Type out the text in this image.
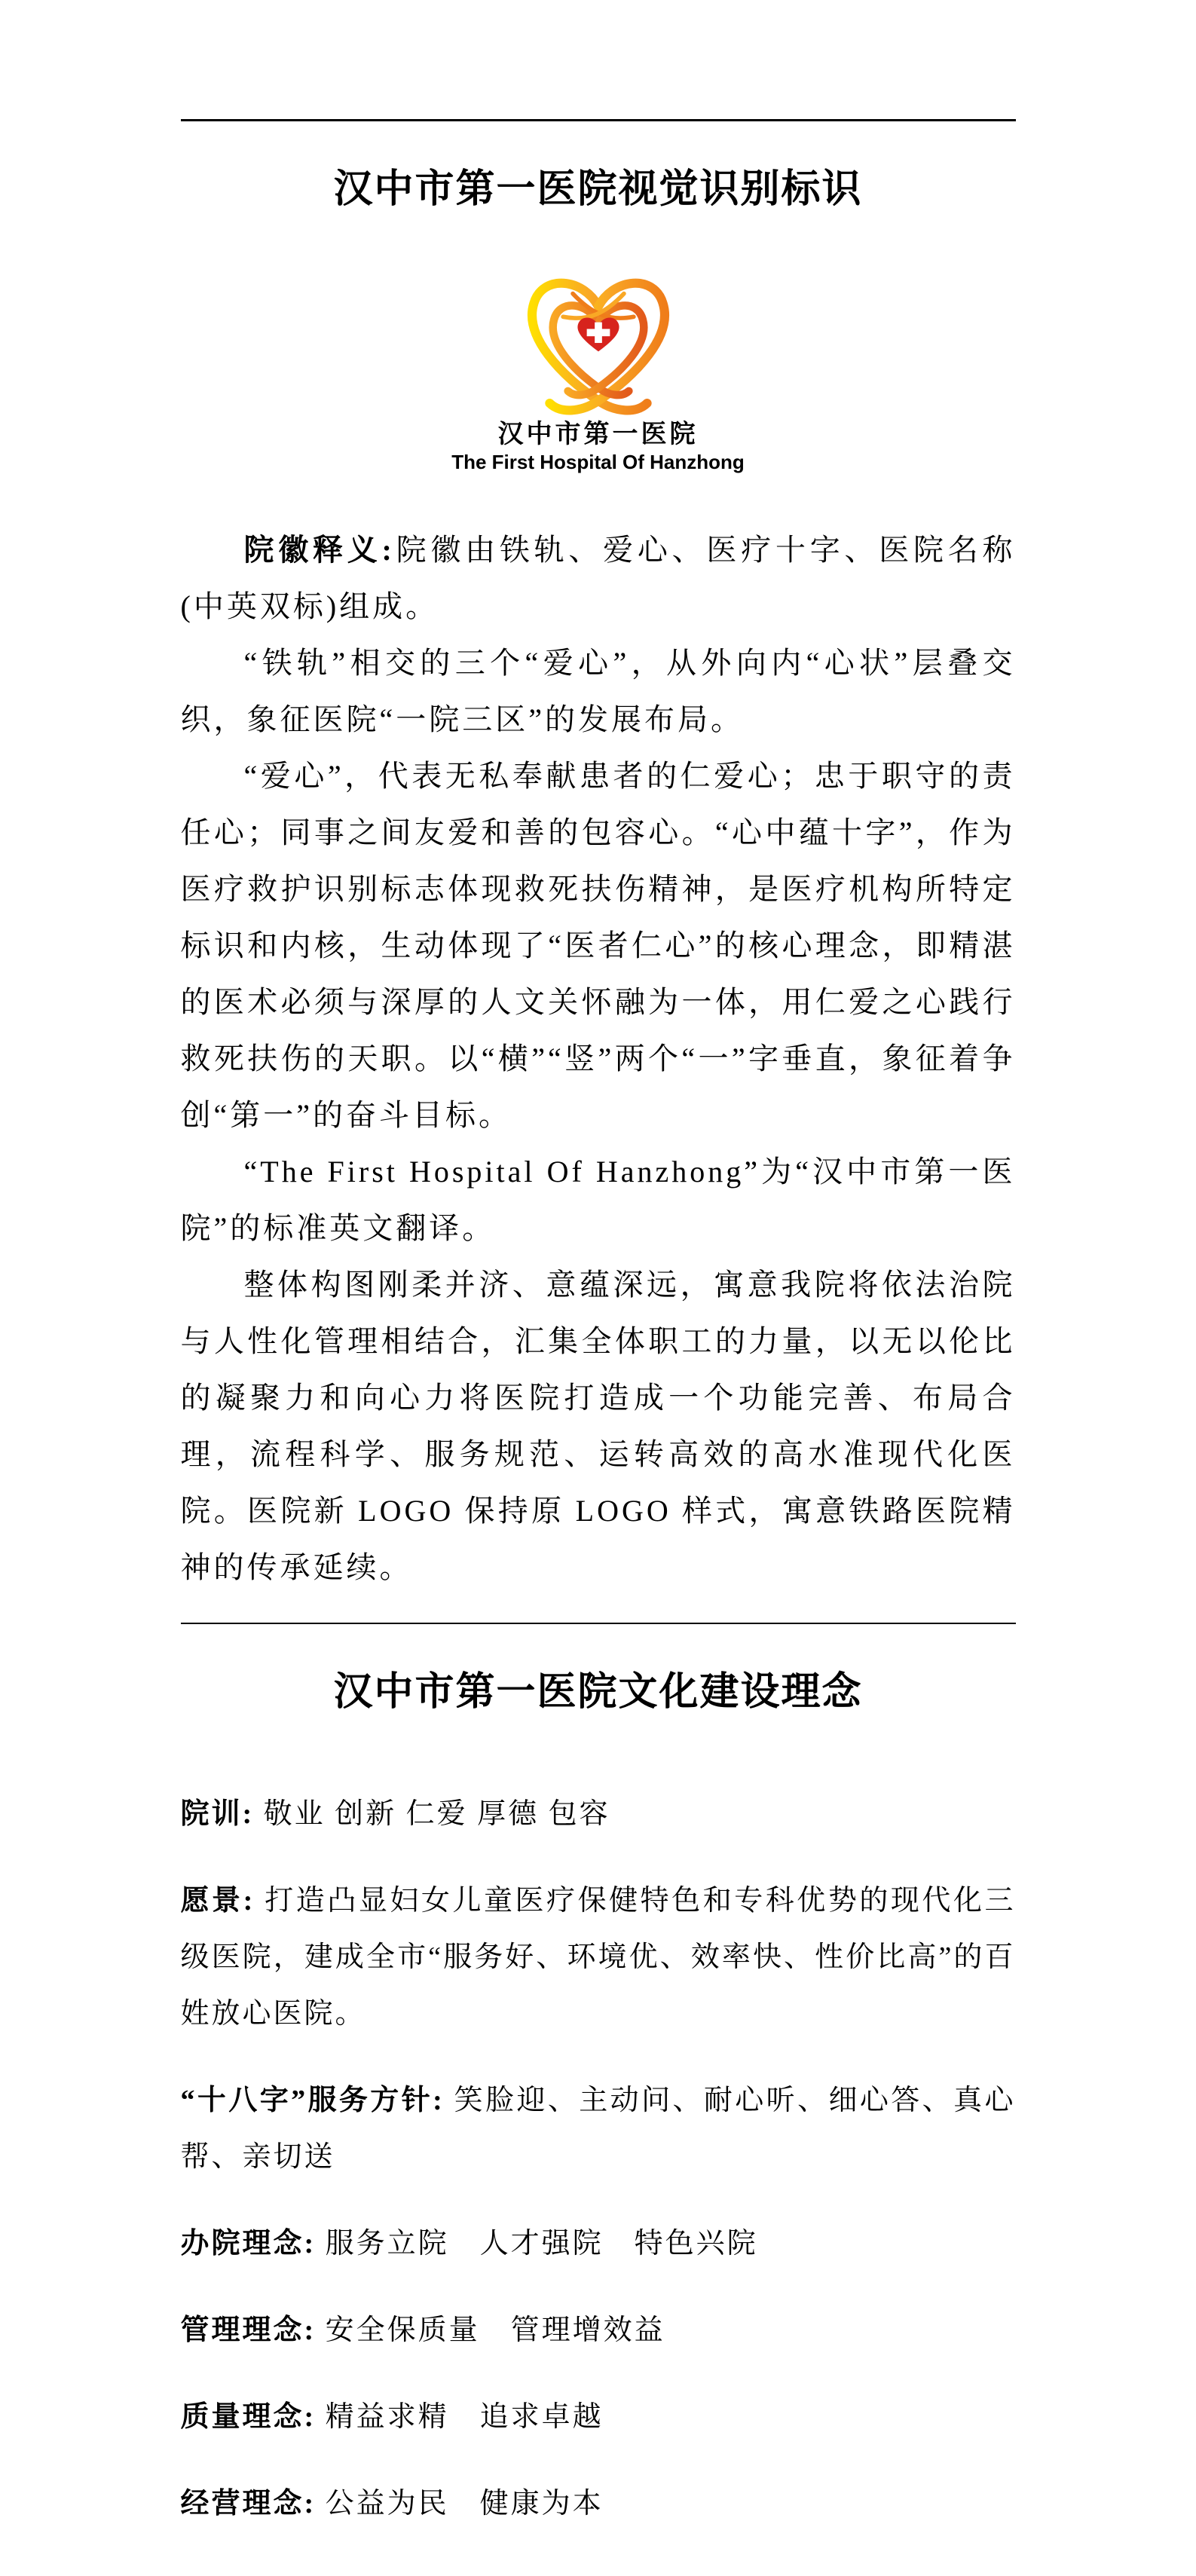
汉中市第一医院视觉识别标识
汉中市第一医院
The First Hospital Of Hanzhong

院徽释义:院徽由铁轨、爱心、医疗十字、医院名称(中英双标)组成。

“铁轨”相交的三个“爱心”，从外向内“心状”层叠交织，象征医院“一院三区”的发展布局。

“爱心”，代表无私奉献患者的仁爱心；忠于职守的责任心；同事之间友爱和善的包容心。“心中蕴十字”，作为医疗救护识别标志体现救死扶伤精神，是医疗机构所特定标识和内核，生动体现了“医者仁心”的核心理念，即精湛的医术必须与深厚的人文关怀融为一体，用仁爱之心践行救死扶伤的天职。以“横”“竖”两个“一”字垂直，象征着争创“第一”的奋斗目标。

“The First Hospital Of Hanzhong”为“汉中市第一医院”的标准英文翻译。

整体构图刚柔并济、意蕴深远，寓意我院将依法治院与人性化管理相结合，汇集全体职工的力量，以无以伦比的凝聚力和向心力将医院打造成一个功能完善、布局合理，流程科学、服务规范、运转高效的高水准现代化医院。医院新 LOGO 保持原 LOGO 样式，寓意铁路医院精神的传承延续。

汉中市第一医院文化建设理念

院训: 敬业 创新 仁爱 厚德 包容

愿景: 打造凸显妇女儿童医疗保健特色和专科优势的现代化三级医院，建成全市“服务好、环境优、效率快、性价比高”的百姓放心医院。

“十八字”服务方针: 笑脸迎、主动问、耐心听、细心答、真心帮、亲切送

办院理念: 服务立院　人才强院　特色兴院

管理理念: 安全保质量　管理增效益

质量理念: 精益求精　追求卓越

经营理念: 公益为民　健康为本
